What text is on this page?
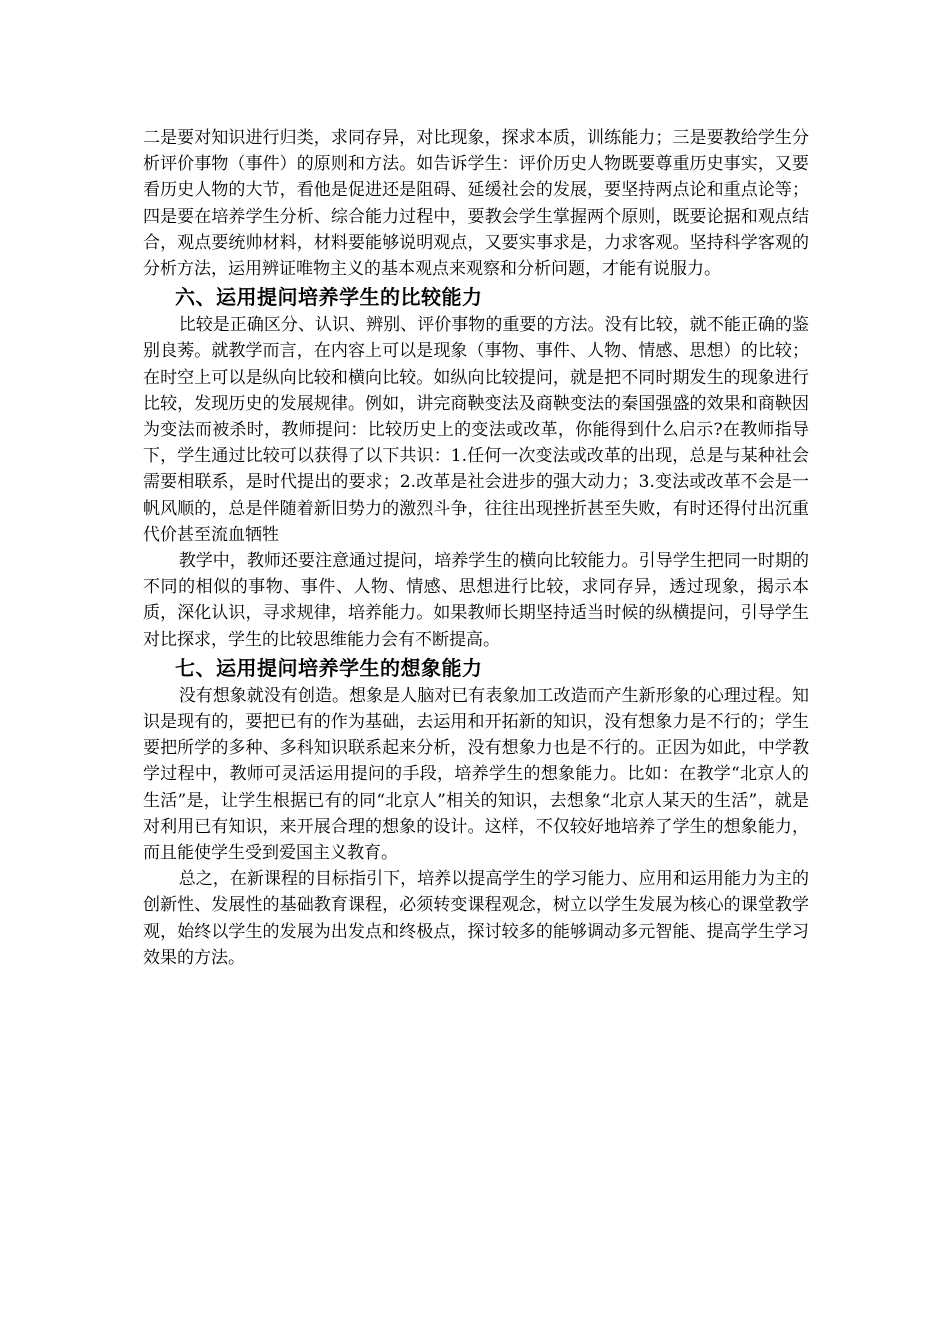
二是要对知识进行归类，求同存异，对比现象，探求本质，训练能力；三是要教给学生分析评价事物（事件）的原则和方法。如告诉学生：评价历史人物既要尊重历史事实，又要看历史人物的大节，看他是促进还是阻碍、延缓社会的发展，要坚持两点论和重点论等；四是要在培养学生分析、综合能力过程中，要教会学生掌握两个原则，既要论据和观点结合，观点要统帅材料，材料要能够说明观点，又要实事求是，力求客观。坚持科学客观的分析方法，运用辨证唯物主义的基本观点来观察和分析问题，才能有说服力。

六、运用提问培养学生的比较能力

比较是正确区分、认识、辨别、评价事物的重要的方法。没有比较，就不能正确的鉴别良莠。就教学而言，在内容上可以是现象（事物、事件、人物、情感、思想）的比较；在时空上可以是纵向比较和横向比较。如纵向比较提问，就是把不同时期发生的现象进行比较，发现历史的发展规律。例如，讲完商鞅变法及商鞅变法的秦国强盛的效果和商鞅因为变法而被杀时，教师提问：比较历史上的变法或改革，你能得到什么启示?在教师指导下，学生通过比较可以获得了以下共识：1.任何一次变法或改革的出现，总是与某种社会需要相联系，是时代提出的要求；2.改革是社会进步的强大动力；3.变法或改革不会是一帆风顺的，总是伴随着新旧势力的激烈斗争，往往出现挫折甚至失败，有时还得付出沉重代价甚至流血牺牲

教学中，教师还要注意通过提问，培养学生的横向比较能力。引导学生把同一时期的不同的相似的事物、事件、人物、情感、思想进行比较，求同存异，透过现象，揭示本质，深化认识，寻求规律，培养能力。如果教师长期坚持适当时候的纵横提问，引导学生对比探求，学生的比较思维能力会有不断提高。

七、运用提问培养学生的想象能力

没有想象就没有创造。想象是人脑对已有表象加工改造而产生新形象的心理过程。知识是现有的，要把已有的作为基础，去运用和开拓新的知识，没有想象力是不行的；学生要把所学的多种、多科知识联系起来分析，没有想象力也是不行的。正因为如此，中学教学过程中，教师可灵活运用提问的手段，培养学生的想象能力。比如：在教学“北京人的生活”是，让学生根据已有的同“北京人”相关的知识，去想象“北京人某天的生活”，就是对利用已有知识，来开展合理的想象的设计。这样，不仅较好地培养了学生的想象能力，而且能使学生受到爱国主义教育。

总之，在新课程的目标指引下，培养以提高学生的学习能力、应用和运用能力为主的创新性、发展性的基础教育课程，必须转变课程观念，树立以学生发展为核心的课堂教学观，始终以学生的发展为出发点和终极点，探讨较多的能够调动多元智能、提高学生学习效果的方法。
